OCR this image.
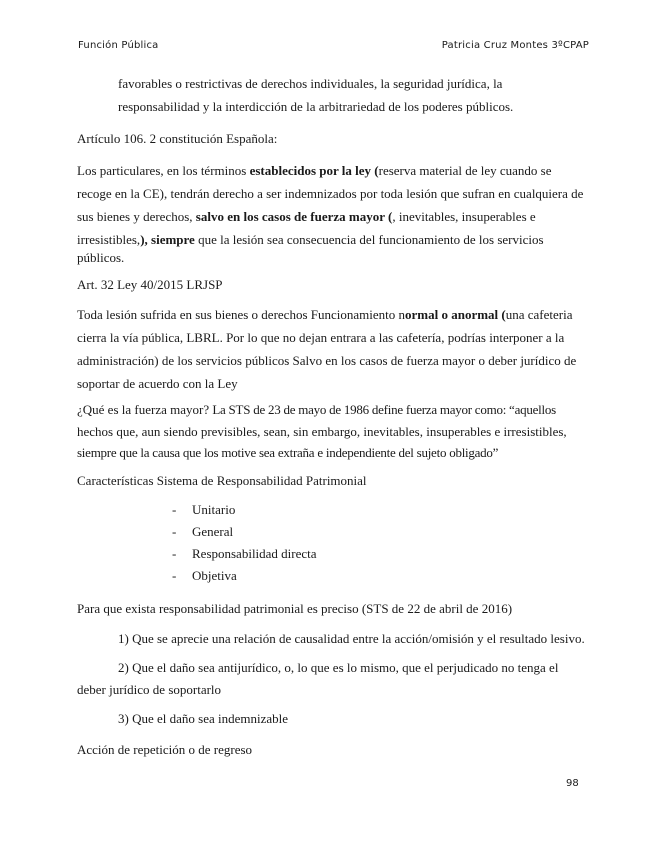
Función Pública	Patricia Cruz Montes 3ºCPAP

favorables o restrictivas de derechos individuales, la seguridad jurídica, la

responsabilidad y la interdicción de la arbitrariedad de los poderes públicos.

Artículo 106. 2 constitución Española:

Los particulares, en los términos establecidos por la ley (reserva material de ley cuando se

recoge en la CE), tendrán derecho a ser indemnizados por toda lesión que sufran en cualquiera de

sus bienes y derechos, salvo en los casos de fuerza mayor (, inevitables, insuperables e

irresistibles,), siempre que la lesión sea consecuencia del funcionamiento de los servicios

públicos.

Art. 32 Ley 40/2015 LRJSP

Toda lesión sufrida en sus bienes o derechos Funcionamiento normal o anormal (una cafeteria

cierra la vía pública, LBRL. Por lo que no dejan entrara a las cafetería, podrías interponer a la

administración) de los servicios públicos Salvo en los casos de fuerza mayor o deber jurídico de

soportar de acuerdo con la Ley

¿Qué es la fuerza mayor? La STS de 23 de mayo de 1986 define fuerza mayor como: “aquellos

hechos que, aun siendo previsibles, sean, sin embargo, inevitables, insuperables e irresistibles,

siempre que la causa que los motive sea extraña e independiente del sujeto obligado”

Características Sistema de Responsabilidad Patrimonial

- Unitario
- General
- Responsabilidad directa
- Objetiva

Para que exista responsabilidad patrimonial es preciso (STS de 22 de abril de 2016)

1) Que se aprecie una relación de causalidad entre la acción/omisión y el resultado lesivo.

2) Que el daño sea antijurídico, o, lo que es lo mismo, que el perjudicado no tenga el

deber jurídico de soportarlo

3) Que el daño sea indemnizable

Acción de repetición o de regreso

98
